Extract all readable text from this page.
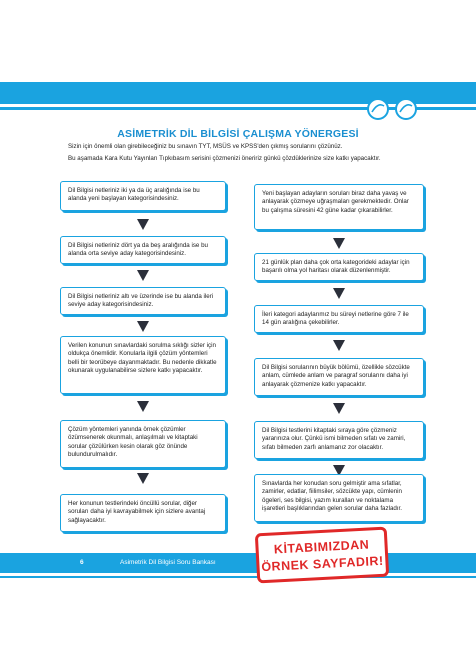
ASİMETRİK DİL BİLGİSİ ÇALIŞMA YÖNERGESİ
Sizin için önemli olan girebileceğiniz bu sınavın TYT, MSÜS ve KPSS'den çıkmış sorularını çözünüz.
Bu aşamada Kara Kutu Yayınları Tıpkıbasım serisini çözmenizi öneririz günkü çözdüklerinize size katkı yapacaktır.
Dil Bilgisi netleriniz iki ya da üç aralığında ise bu alanda yeni başlayan kategorisindesiniz.
Dil Bilgisi netleriniz dört ya da beş aralığında ise bu alanda orta seviye aday kategorisindesiniz.
Dil Bilgisi netleriniz altı ve üzerinde ise bu alanda ileri seviye aday kategorisindesiniz.
Verilen konunun sınavlardaki sorulma sıklığı sizler için oldukça önemlidir. Konularla ilgili çözüm yöntemleri belli bir teorübeye dayanmaktadır. Bu nedenle dikkatle okunarak uygulanabilirse sizlere katkı yapacaktır.
Çözüm yöntemleri yanında örnek çözümler özümsenerek okunmalı, anlaşılmalı ve kitaptaki sorular çözülürken kesin olarak göz önünde bulundurulmalıdır.
Her konunun testlerindeki öncüllü sorular, diğer soruları daha iyi kavrayabilmek için sizlere avantaj sağlayacaktır.
Yeni başlayan adayların soruları biraz daha yavaş ve anlayarak çözmeye uğraşmaları gerekmektedir. Onlar bu çalışma süresini 42 güne kadar çıkarabilirler.
21 günlük plan daha çok orta kategorideki adaylar için başarılı olma yol haritası olarak düzenlenmiştir.
İleri kategori adaylarımız bu süreyi netlerine göre 7 ile 14 gün aralığına çekebilirler.
Dil Bilgisi sorularının büyük bölümü, özellikle sözcükte anlam, cümlede anlam ve paragraf sorularını daha iyi anlayarak çözmenize katkı yapacaktır.
Dil Bilgisi testlerini kitaptaki sıraya göre çözmeniz yararınıza olur. Çünkü ismi bilmeden sıfatı ve zamiri, sıfatı bilmeden zarfı anlamanız zor olacaktır.
Sınavlarda her konudan soru gelmiştir ama sıfatlar, zamirler, edatlar, fiilimsiler, sözcükte yapı, cümlenin ögeleri, ses bilgisi, yazım kuralları ve noktalama işaretleri başlıklarından gelen sorular daha fazladır.
6	Asimetrik Dil Bilgisi Soru Bankası
KİTABIMIZDAN
ÖRNEK SAYFADIR!
